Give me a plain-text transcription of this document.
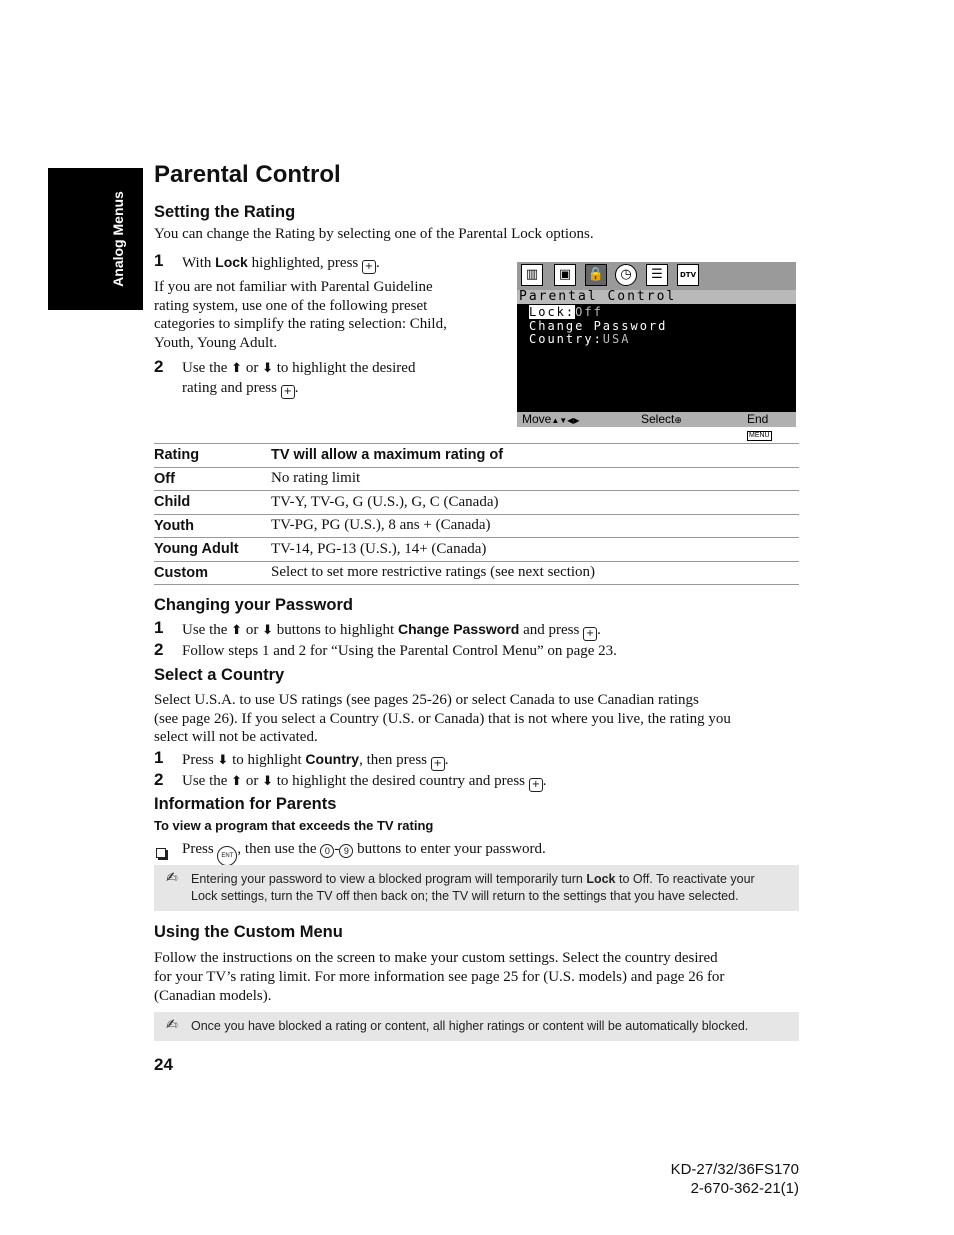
Analog Menus
Parental Control
Setting the Rating
You can change the Rating by selecting one of the Parental Lock options.
1 With Lock highlighted, press + .
If you are not familiar with Parental Guideline
rating system, use one of the following preset
categories to simplify the rating selection: Child,
Youth, Young Adult.
2 Use the ⬆ or ⬇ to highlight the desired
rating and press + .
▥	▣	🔒	◷	☰	DTV
Parental Control
Lock:Off
Change Password
Country:USA
Move▲▼◀▶	Select⊕	End MENU
Rating	TV will allow a maximum rating of
Off	No rating limit
Child	TV-Y, TV-G, G (U.S.), G, C (Canada)
Youth	TV-PG, PG (U.S.), 8 ans + (Canada)
Young Adult	TV-14, PG-13 (U.S.), 14+ (Canada)
Custom	Select to set more restrictive ratings (see next section)
Changing your Password
1 Use the ⬆ or ⬇ buttons to highlight Change Password and press + .
2 Follow steps 1 and 2 for “Using the Parental Control Menu” on page 23.
Select a Country
Select U.S.A. to use US ratings (see pages 25-26) or select Canada to use Canadian ratings
(see page 26). If you select a Country (U.S. or Canada) that is not where you live, the rating you
select will not be activated.
1 Press ⬇ to highlight Country, then press + .
2 Use the ⬆ or ⬇ to highlight the desired country and press + .
Information for Parents
To view a program that exceeds the TV rating
Press ENT , then use the 0 - 9 buttons to enter your password.
✍ Entering your password to view a blocked program will temporarily turn Lock to Off. To reactivate your
Lock settings, turn the TV off then back on; the TV will return to the settings that you have selected.
Using the Custom Menu
Follow the instructions on the screen to make your custom settings. Select the country desired
for your TV’s rating limit. For more information see page 25 for (U.S. models) and page 26 for
(Canadian models).
✍ Once you have blocked a rating or content, all higher ratings or content will be automatically blocked.
24
KD-27/32/36FS170
2-670-362-21(1)
